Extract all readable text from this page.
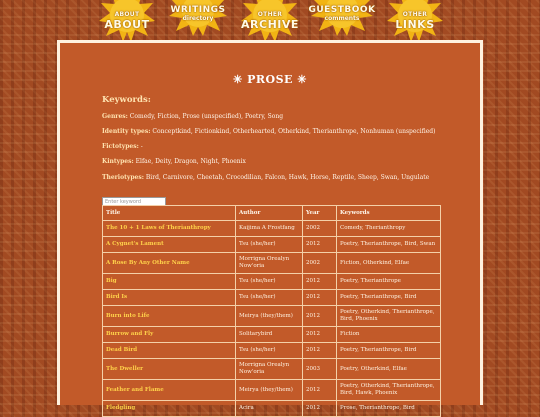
ABOUT
ABOUT
WRITINGS
directory
OTHER
ARCHIVE
GUESTBOOK
comments
OTHER
LINKS
✳ PROSE ✳
Keywords:
Genres: Comedy, Fiction, Prose (unspecified), Poetry, Song
Identity types: Conceptkind, Fictionkind, Otherhearted, Otherkind, Therianthrope, Nonhuman (unspecified)
Fictotypes: -
Kintypes: Elfae, Deity, Dragon, Night, Phoenix
Theriotypes: Bird, Carnivore, Cheetah, Crocodilian, Falcon, Hawk, Horse, Reptile, Sheep, Swan, Ungulate
Enter keyword
Title	Author	Year	Keywords
The 10 + 1 Laws of Therianthropy	Kaijima A Frostfang	2002	Comedy, Therianthropy
A Cygnet's Lament	Tsu (she/her)	2012	Poetry, Therianthrope, Bird, Swan
A Rose By Any Other Name	Morrigna Orealyn Now'oria	2002	Fiction, Otherkind, Elfae
Big	Tsu (she/her)	2012	Poetry, Therianthrope
Bird Is	Tsu (she/her)	2012	Poetry, Therianthrope, Bird
Burn into Life	Meirya (they/them)	2012	Poetry, Otherkind, Therianthrope, Bird, Phoenix
Burrow and Fly	Solitarybird	2012	Fiction
Dead Bird	Tsu (she/her)	2012	Poetry, Therianthrope, Bird
The Dweller	Morrigna Orealyn Now'oria	2003	Poetry, Otherkind, Elfae
Feather and Flame	Meirya (they/them)	2012	Poetry, Otherkind, Therianthrope, Bird, Hawk, Phoenix
Fledgling	Acira	2012	Prose, Therianthrope, Bird
